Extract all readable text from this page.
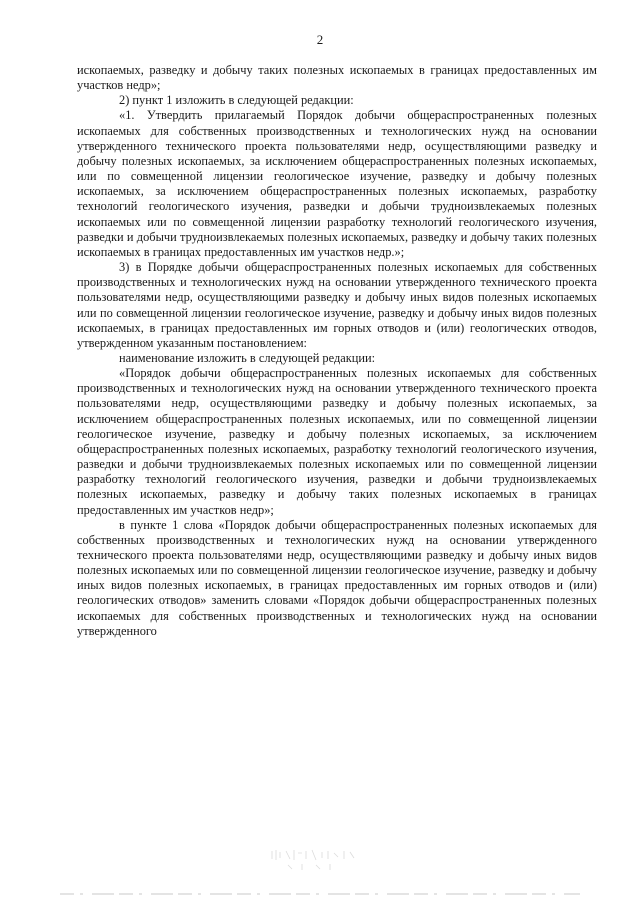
2

ископаемых, разведку и добычу таких полезных ископаемых в границах предоставленных им участков недр»;

2) пункт 1 изложить в следующей редакции:

«1. Утвердить прилагаемый Порядок добычи общераспространенных полезных ископаемых для собственных производственных и технологических нужд на основании утвержденного технического проекта пользователями недр, осуществляющими разведку и добычу полезных ископаемых, за исключением общераспространенных полезных ископаемых, или по совмещенной лицензии геологическое изучение, разведку и добычу полезных ископаемых, за исключением общераспространенных полезных ископаемых, разработку технологий геологического изучения, разведки и добычи трудноизвлекаемых полезных ископаемых или по совмещенной лицензии разработку технологий геологического изучения, разведки и добычи трудноизвлекаемых полезных ископаемых, разведку и добычу таких полезных ископаемых в границах предоставленных им участков недр.»;

3) в Порядке добычи общераспространенных полезных ископаемых для собственных производственных и технологических нужд на основании утвержденного технического проекта пользователями недр, осуществляющими разведку и добычу иных видов полезных ископаемых или по совмещенной лицензии геологическое изучение, разведку и добычу иных видов полезных ископаемых, в границах предоставленных им горных отводов и (или) геологических отводов, утвержденном указанным постановлением:

наименование изложить в следующей редакции:

«Порядок добычи общераспространенных полезных ископаемых для собственных производственных и технологических нужд на основании утвержденного технического проекта пользователями недр, осуществляющими разведку и добычу полезных ископаемых, за исключением общераспространенных полезных ископаемых, или по совмещенной лицензии геологическое изучение, разведку и добычу полезных ископаемых, за исключением общераспространенных полезных ископаемых, разработку технологий геологического изучения, разведки и добычи трудноизвлекаемых полезных ископаемых или по совмещенной лицензии разработку технологий геологического изучения, разведки и добычи трудноизвлекаемых полезных ископаемых, разведку и добычу таких полезных ископаемых в границах предоставленных им участков недр»;

в пункте 1 слова «Порядок добычи общераспространенных полезных ископаемых для собственных производственных и технологических нужд на основании утвержденного технического проекта пользователями недр, осуществляющими разведку и добычу иных видов полезных ископаемых или по совмещенной лицензии геологическое изучение, разведку и добычу иных видов полезных ископаемых, в границах предоставленных им горных отводов и (или) геологических отводов» заменить словами «Порядок добычи общераспространенных полезных ископаемых для собственных производственных и технологических нужд на основании утвержденного
